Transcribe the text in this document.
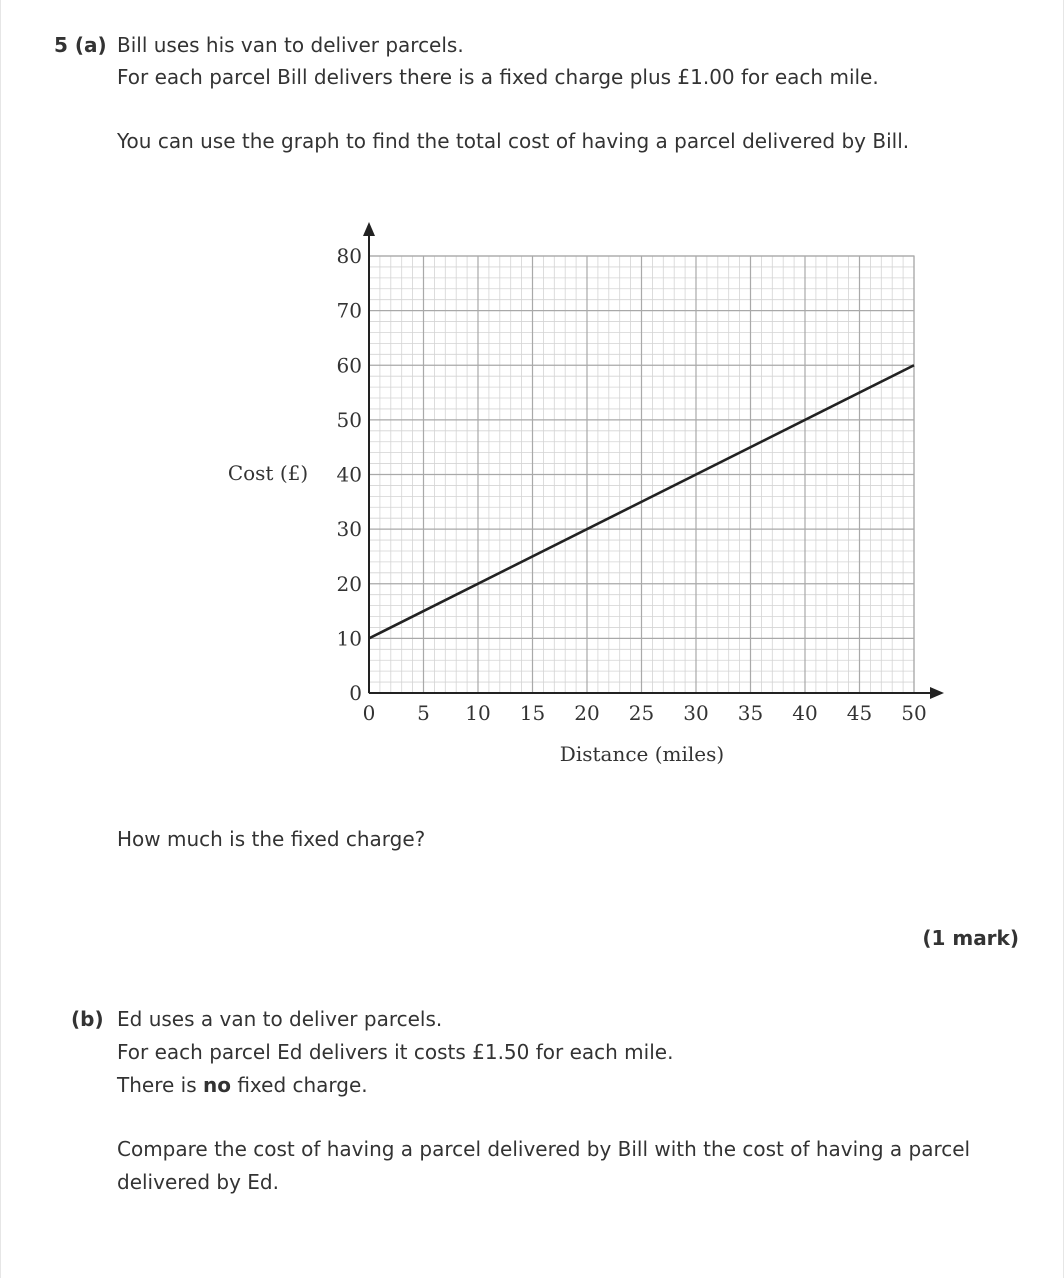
5 (a) Bill uses his van to deliver parcels.
For each parcel Bill delivers there is a fixed charge plus £1.00 for each mile.
You can use the graph to find the total cost of having a parcel delivered by Bill.
0 5 10 15 20 25 30 35 40 45 50
0
10
20
30
40
50
60
70
80
Cost (£)
Distance (miles)
How much is the fixed charge?
(1 mark)
(b) Ed uses a van to deliver parcels.
For each parcel Ed delivers it costs £1.50 for each mile.
There is no fixed charge.
Compare the cost of having a parcel delivered by Bill with the cost of having a parcel
delivered by Ed.
